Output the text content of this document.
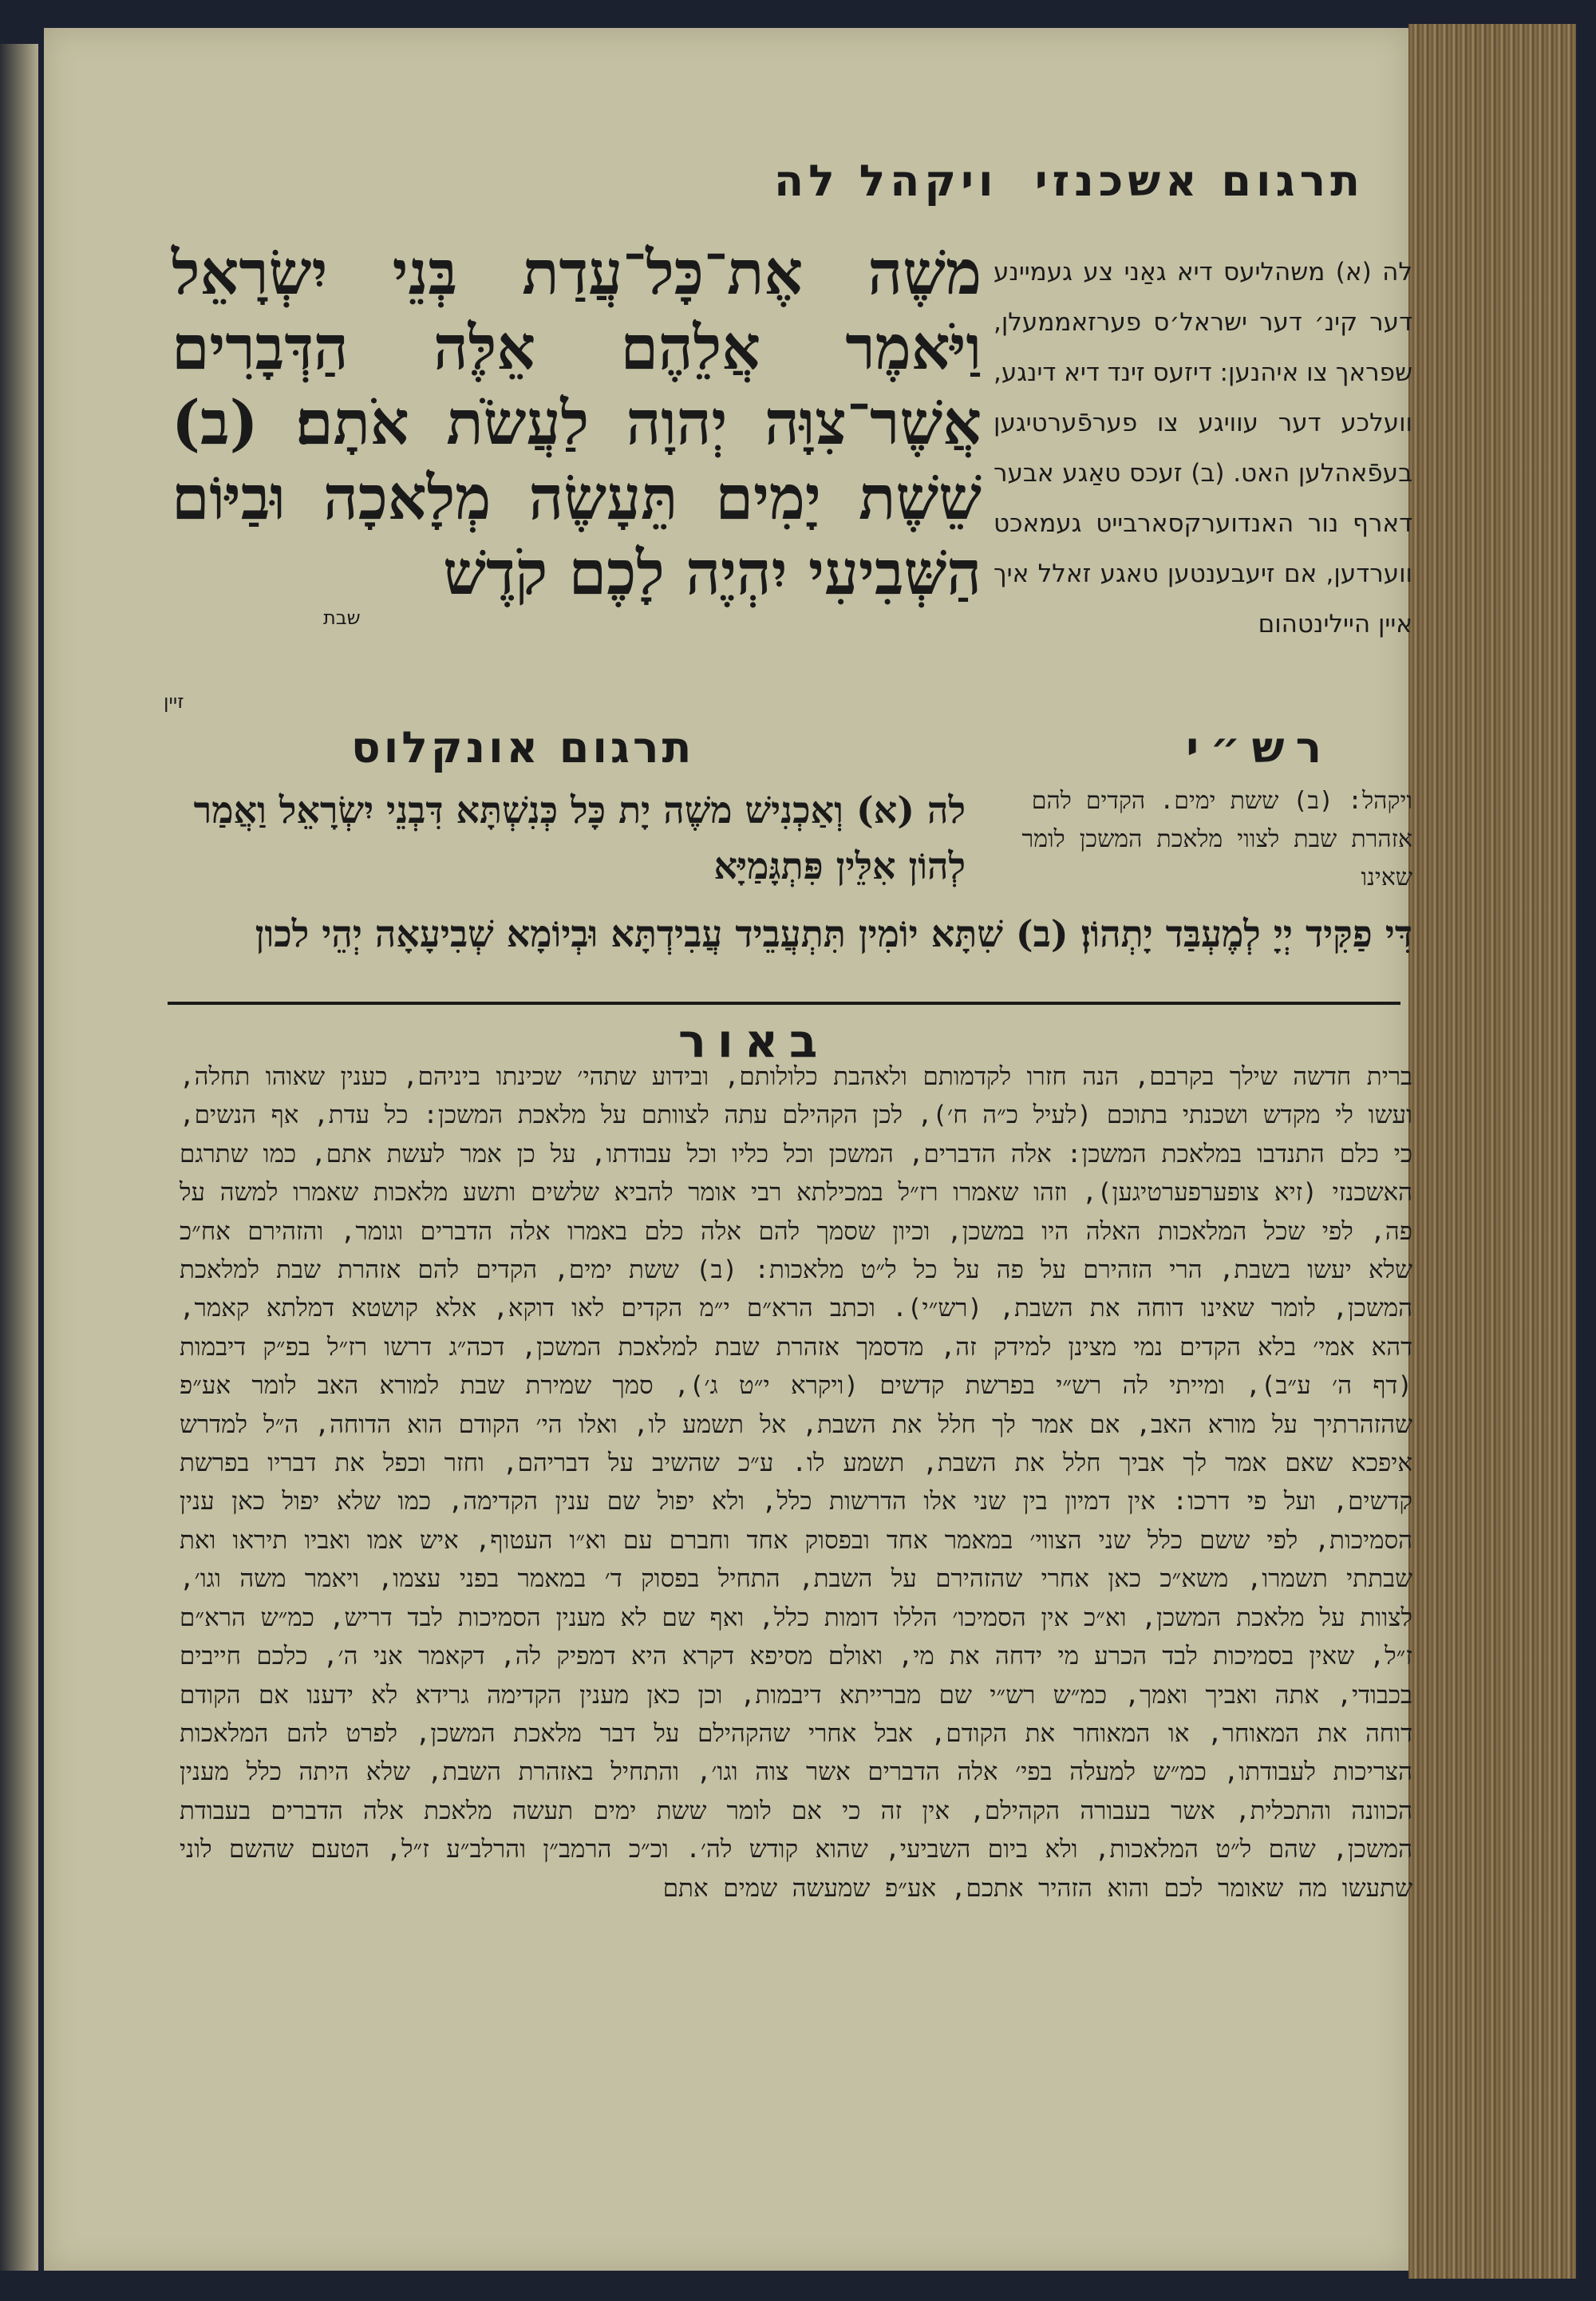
תרגום אשכנזי
ויקהל לה
משֶׁה אֶת־כָּל־עֲדַת בְּנֵי יִשְׂרָאֵל וַיֹּאמֶר אֲלֵהֶם אֵלֶּה הַדְּבָרִים אֲשֶׁר־צִוָּה יְהוָה לַעֲשֹׂת אֹתָם׃ (ב) שֵׁשֶׁת יָמִים תֵּעָשֶׂה מְלָאכָה וּבַיּוֹם הַשְּׁבִיעִי יִהְיֶה לָכֶם קֹדֶשׁ
לה (א) משהליעס דיא גאַני צע געמיינע דער קינ׳ דער ישראל׳ס פערזאממעלן, שפראך צו איהנען: דיזעס זינד דיא דינגע, וועלכע דער עוויגע צו פערפֿערטיגען בעפֿאהלען האט. (ב) זעכס טאַגע אבער דארף נור האנדוערקסארבייט געמאכט ווערדען, אם זיעבענטען טאגע זאלל איך איין היילינטהום
שבת
זיין
רש״י
תרגום אונקלוס
ויקהל: (ב) ששת ימים. הקדים להם אזהרת שבת לצווי מלאכת המשכן לומר שאינו
לה (א) וְאַכְנִישׁ משֶׁה יָת כָּל כְּנִשְׁתָּא דִּבְנֵי יִשְׂרָאֵל וַאֲמַר לְהוֹן אִלֵּין פִּתְגָּמַיָּא
דִּי פַקִּיד יְיָ לְמֶעְבַּד יָתְהוֹן׃ (ב) שִׁתָּא יוֹמִין תִּתְעֲבֵיד עֲבִידְתָּא וּבְיוֹמָא שְׁבִיעָאָה יְהֵי לכון
באור
ברית חדשה שילך בקרבם, הנה חזרו לקדמותם ולאהבת כלולותם, ובידוע שתהי׳ שכינתו ביניהם, כענין שאוהו תחלה, ועשו לי מקדש ושכנתי בתוכם (לעיל כ״ה ח׳), לכן הקהילם עתה לצוותם על מלאכת המשכן: כל עדת, אף הנשים, כי כלם התנדבו במלאכת המשכן: אלה הדברים, המשכן וכל כליו וכל עבודתו, על כן אמר לעשת אתם, כמו שתרגם האשכנזי (זיא צופערפערטיגען), וזהו שאמרו רז״ל במכילתא רבי אומר להביא שלשים ותשע מלאכות שאמרו למשה על פה, לפי שכל המלאכות האלה היו במשכן, וכיון שסמך להם אלה כלם באמרו אלה הדברים וגומר, והזהירם אח״כ שלא יעשו בשבת, הרי הזהירם על פה על כל ל״ט מלאכות: (ב) ששת ימים, הקדים להם אזהרת שבת למלאכת המשכן, לומר שאינו דוחה את השבת, (רש״י). וכתב הרא״ם י״מ הקדים לאו דוקא, אלא קושטא דמלתא קאמר, דהא אמי׳ בלא הקדים נמי מצינן למידק זה, מדסמך אזהרת שבת למלאכת המשכן, דכה״ג דרשו רז״ל בפ״ק דיבמות (דף ה׳ ע״ב), ומייתי לה רש״י בפרשת קדשים (ויקרא י״ט ג׳), סמך שמירת שבת למורא האב לומר אע״פ שהזהרתיך על מורא האב, אם אמר לך חלל את השבת, אל תשמע לו, ואלו הי׳ הקודם הוא הדוחה, ה״ל למדרש איפכא שאם אמר לך אביך חלל את השבת, תשמע לו. ע״כ שהשיב על דבריהם, וחזר וכפל את דבריו בפרשת קדשים, ועל פי דרכו: אין דמיון בין שני אלו הדרשות כלל, ולא יפול שם ענין הקדימה, כמו שלא יפול כאן ענין הסמיכות, לפי ששם כלל שני הצווי׳ במאמר אחד ובפסוק אחד וחברם עם וא״ו העטוף, איש אמו ואביו תיראו ואת שבתתי תשמרו, משא״כ כאן אחרי שהזהירם על השבת, התחיל בפסוק ד׳ במאמר בפני עצמו, ויאמר משה וגו׳, לצוות על מלאכת המשכן, וא״כ אין הסמיכו׳ הללו דומות כלל, ואף שם לא מענין הסמיכות לבד דריש, כמ״ש הרא״ם ז״ל, שאין בסמיכות לבד הכרע מי ידחה את מי, ואולם מסיפא דקרא היא דמפיק לה, דקאמר אני ה׳, כלכם חייבים בכבודי, אתה ואביך ואמך, כמ״ש רש״י שם מברייתא דיבמות, וכן כאן מענין הקדימה גרידא לא ידענו אם הקודם דוחה את המאוחר, או המאוחר את הקודם, אבל אחרי שהקהילם על דבר מלאכת המשכן, לפרט להם המלאכות הצריכות לעבודתו, כמ״ש למעלה בפי׳ אלה הדברים אשר צוה וגו׳, והתחיל באזהרת השבת, שלא היתה כלל מענין הכוונה והתכלית, אשר בעבורה הקהילם, אין זה כי אם לומר ששת ימים תעשה מלאכת אלה הדברים בעבודת המשכן, שהם ל״ט המלאכות, ולא ביום השביעי, שהוא קודש לה׳. וכ״כ הרמב״ן והרלב״ע ז״ל, הטעם שהשם לוני שתעשו מה שאומר לכם והוא הזהיר אתכם, אע״פ שמעשה שמים אתם
